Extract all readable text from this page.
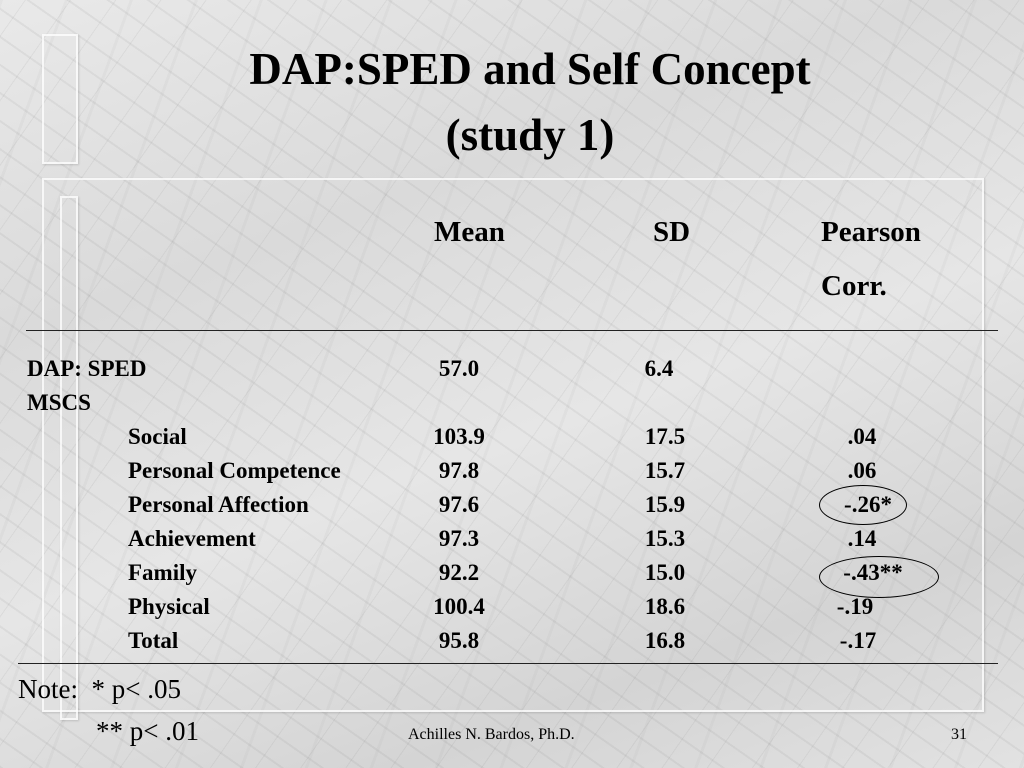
DAP:SPED and Self Concept
(study 1)
Mean	SD	Pearson
Corr.
DAP: SPED	57.0	6.4
MSCS
Social	103.9	17.5	.04
Personal Competence	97.8	15.7	.06
Personal Affection	97.6	15.9	-.26*
Achievement	97.3	15.3	.14
Family	92.2	15.0	-.43**
Physical	100.4	18.6	-.19
Total	95.8	16.8	-.17
Note:  * p< .05
** p< .01	Achilles N. Bardos, Ph.D.	31
